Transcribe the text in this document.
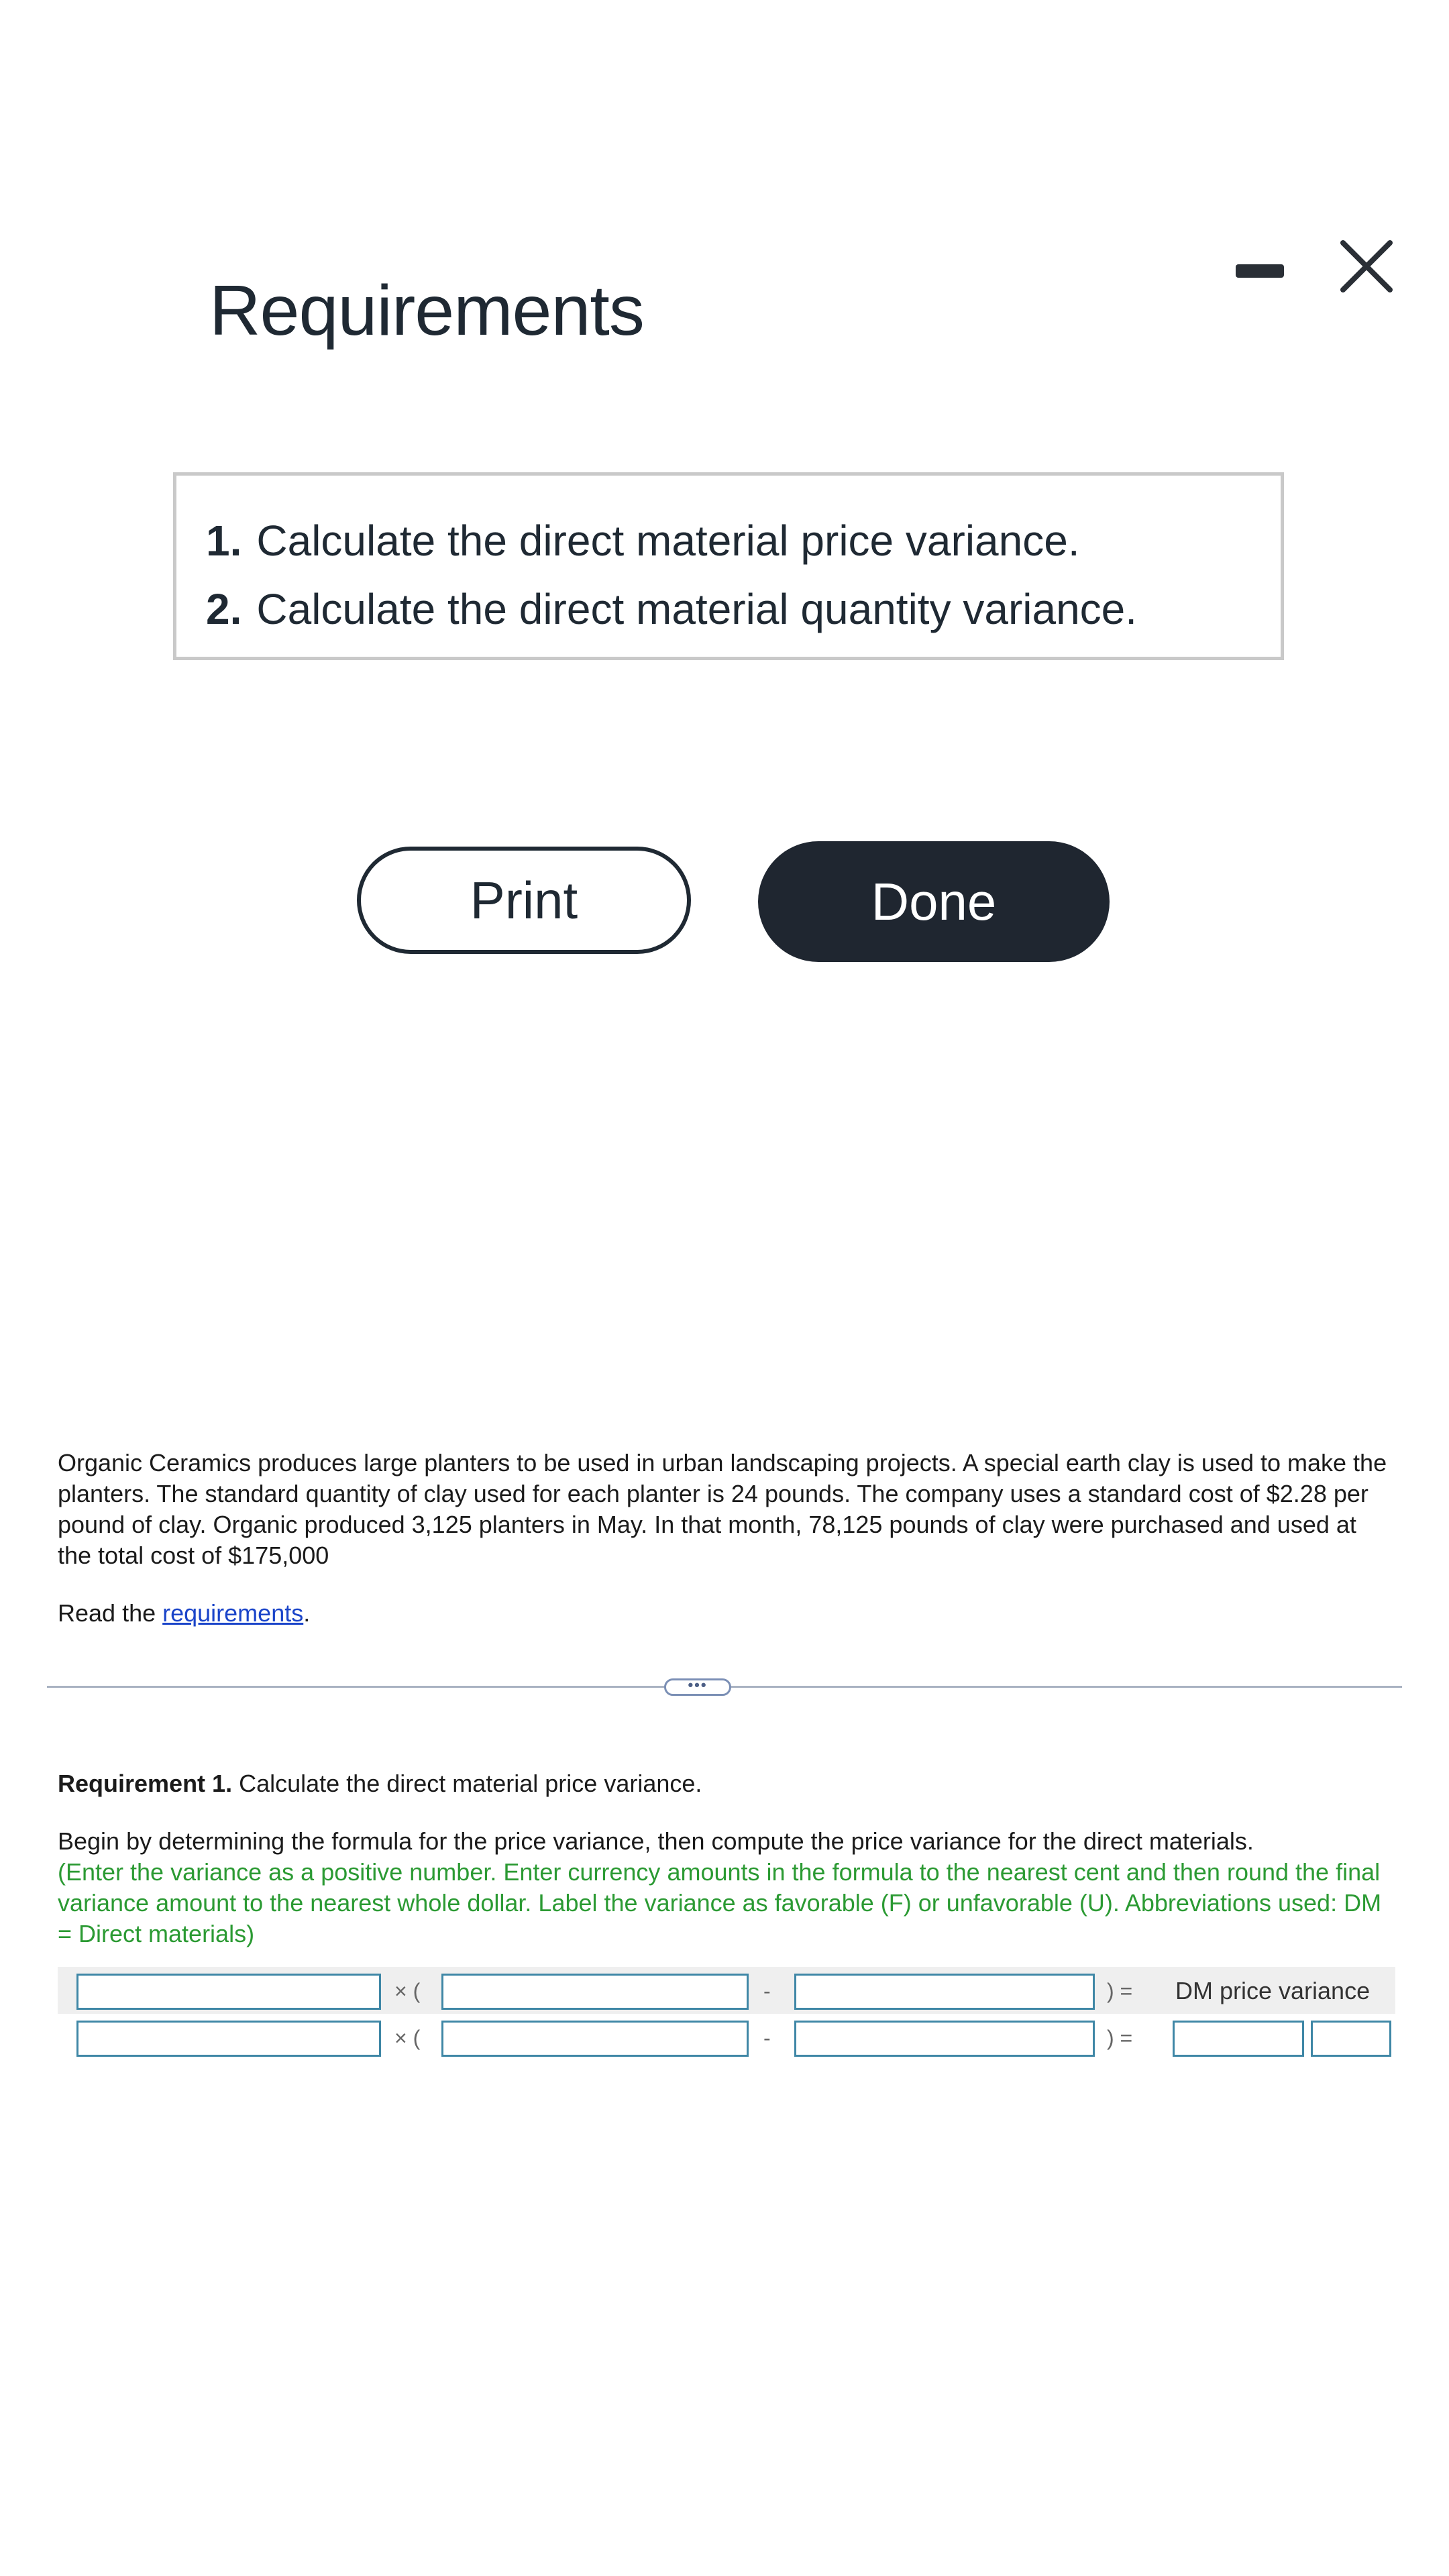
Requirements
1. Calculate the direct material price variance.
2. Calculate the direct material quantity variance.
Print	Done

Organic Ceramics produces large planters to be used in urban landscaping projects. A special earth clay is used to make the planters. The standard quantity of clay used for each planter is 24 pounds. The company uses a standard cost of $2.28 per pound of clay. Organic produced 3,125 planters in May. In that month, 78,125 pounds of clay were purchased and used at the total cost of $175,000

Read the requirements.

•••

Requirement 1. Calculate the direct material price variance.

Begin by determining the formula for the price variance, then compute the price variance for the direct materials.

(Enter the variance as a positive number. Enter currency amounts in the formula to the nearest cent and then round the final variance amount to the nearest whole dollar. Label the variance as favorable (F) or unfavorable (U). Abbreviations used: DM = Direct materials)

× (	-	) = DM price variance
× (	-	) =
